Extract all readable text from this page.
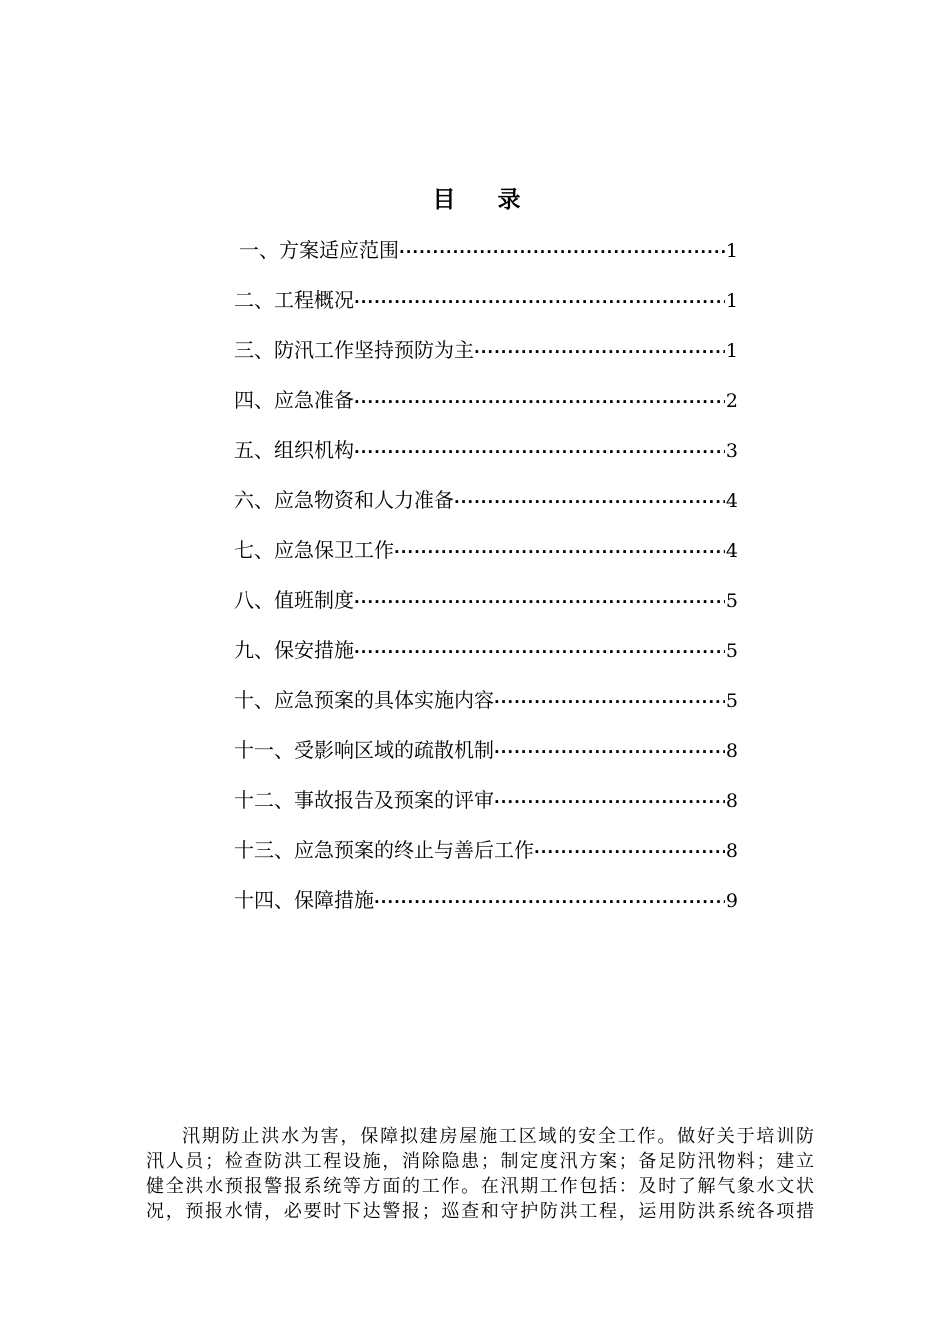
目录
一、方案适应范围 ·····	1
二、工程概况 ·····	1
三、防汛工作坚持预防为主 ·····	1
四、应急准备 ·····	2
五、组织机构 ·····	3
六、应急物资和人力准备 ·····	4
七、应急保卫工作 ·····	4
八、值班制度 ·····	5
九、保安措施 ·····	5
十、应急预案的具体实施内容 ·····	5
十一、受影响区域的疏散机制 ·····	8
十二、事故报告及预案的评审 ·····	8
十三、应急预案的终止与善后工作 ·····	8
十四、保障措施 ·····	9
汛期防止洪水为害，保障拟建房屋施工区域的安全工作。做好关于培训防
汛人员；检查防洪工程设施，消除隐患；制定度汛方案；备足防汛物料；建立
健全洪水预报警报系统等方面的工作。在汛期工作包括：及时了解气象水文状
况，预报水情，必要时下达警报；巡查和守护防洪工程，运用防洪系统各项措
